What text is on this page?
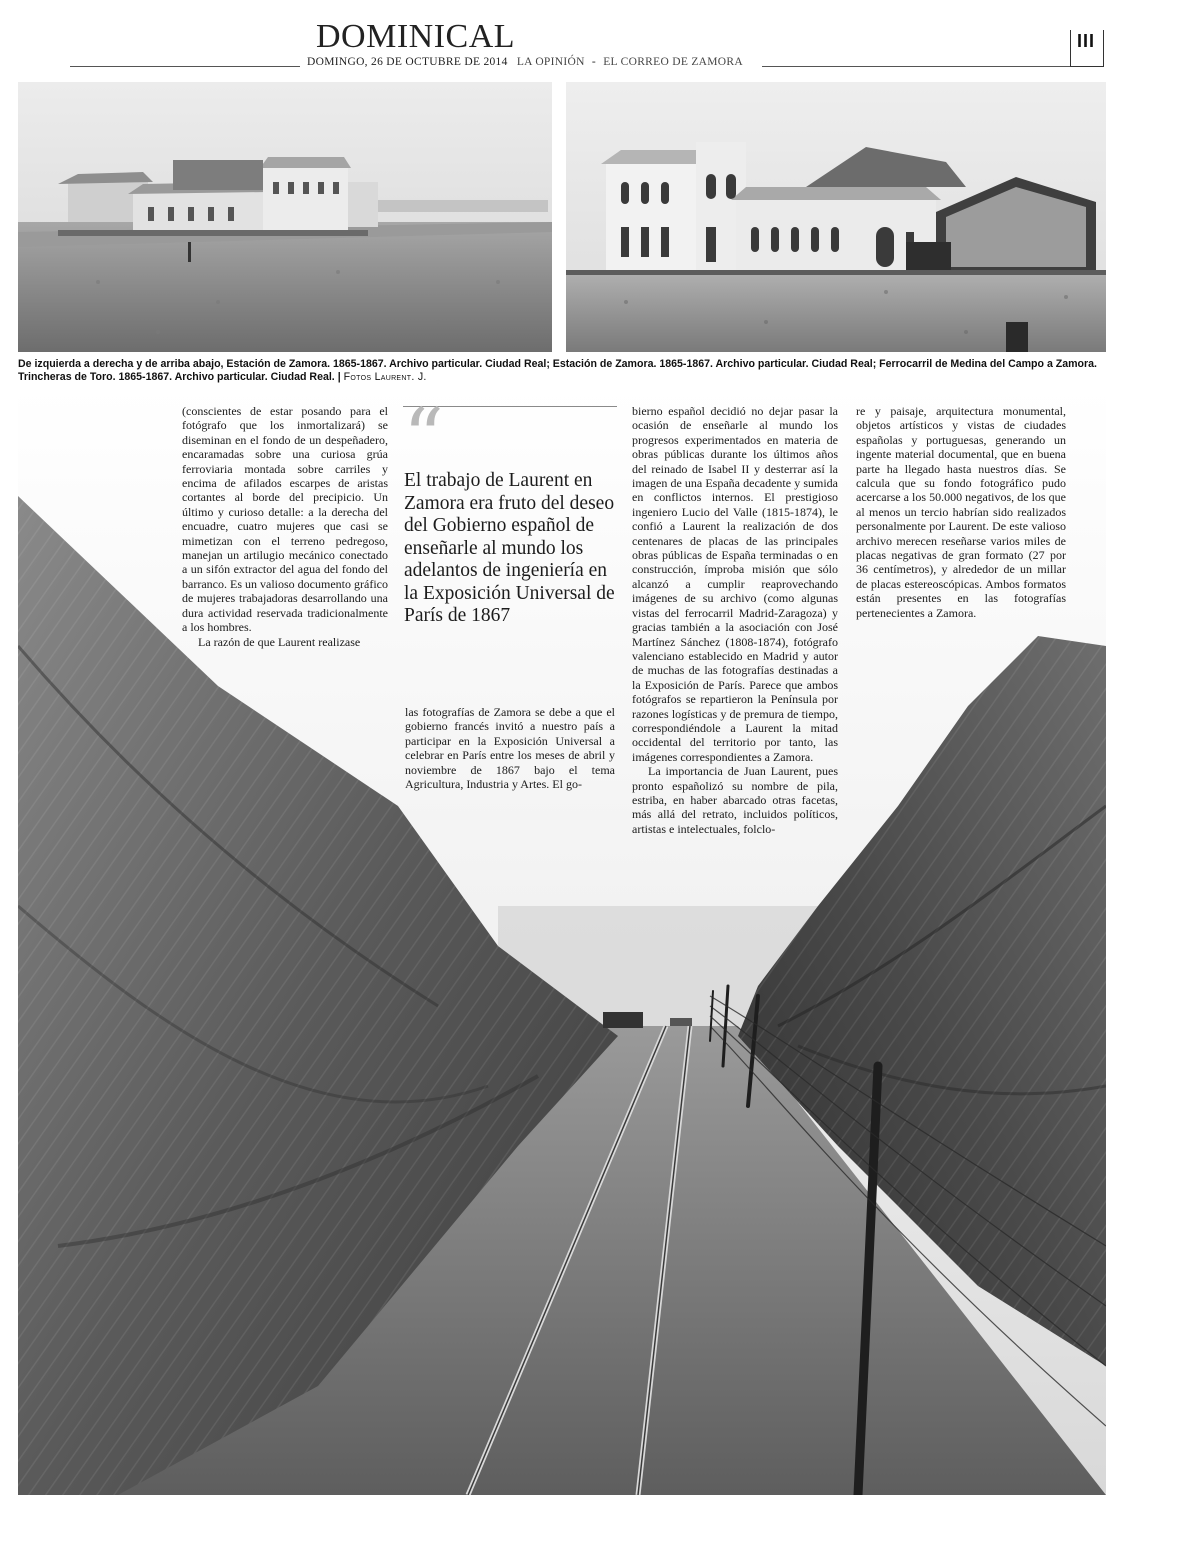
DOMINICAL
DOMINGO, 26 DE OCTUBRE DE 2014 LA OPINIÓN - EL CORREO DE ZAMORA
III
De izquierda a derecha y de arriba abajo, Estación de Zamora. 1865-1867. Archivo particular. Ciudad Real; Estación de Zamora. 1865-1867. Archivo particular. Ciudad Real; Ferrocarril de Medina del Campo a Zamora. Trincheras de Toro. 1865-1867. Archivo particular. Ciudad Real. | Fotos Laurent. J.

(conscientes de estar posando para el fotógrafo que los inmortalizará) se diseminan en el fondo de un despeñadero, encaramadas sobre una curiosa grúa ferroviaria montada sobre carriles y encima de afilados escarpes de aristas cortantes al borde del precipicio. Un último y curioso detalle: a la derecha del encuadre, cuatro mujeres que casi se mimetizan con el terreno pedregoso, manejan un artilugio mecánico conectado a un sifón extractor del agua del fondo del barranco. Es un valioso documento gráfico de mujeres trabajadoras desarrollando una dura actividad reservada tradicionalmente a los hombres.

La razón de que Laurent realizase

“
El trabajo de Laurent en Zamora era fruto del deseo del Gobierno español de enseñarle al mundo los adelantos de ingeniería en la Exposición Universal de París de 1867

las fotografías de Zamora se debe a que el gobierno francés invitó a nuestro país a participar en la Exposición Universal a celebrar en París entre los meses de abril y noviembre de 1867 bajo el tema Agricultura, Industria y Artes. El go-

bierno español decidió no dejar pasar la ocasión de enseñarle al mundo los progresos experimentados en materia de obras públicas durante los últimos años del reinado de Isabel II y desterrar así la imagen de una España decadente y sumida en conflictos internos. El prestigioso ingeniero Lucio del Valle (1815-1874), le confió a Laurent la realización de dos centenares de placas de las principales obras públicas de España terminadas o en construcción, ímproba misión que sólo alcanzó a cumplir reaprovechando imágenes de su archivo (como algunas vistas del ferrocarril Madrid-Zaragoza) y gracias también a la asociación con José Martínez Sánchez (1808-1874), fotógrafo valenciano establecido en Madrid y autor de muchas de las fotografías destinadas a la Exposición de París. Parece que ambos fotógrafos se repartieron la Península por razones logísticas y de premura de tiempo, correspondiéndole a Laurent la mitad occidental del territorio por tanto, las imágenes correspondientes a Zamora.

La importancia de Juan Laurent, pues pronto españolizó su nombre de pila, estriba, en haber abarcado otras facetas, más allá del retrato, incluidos políticos, artistas e intelectuales, folclo-

re y paisaje, arquitectura monumental, objetos artísticos y vistas de ciudades españolas y portuguesas, generando un ingente material documental, que en buena parte ha llegado hasta nuestros días. Se calcula que su fondo fotográfico pudo acercarse a los 50.000 negativos, de los que al menos un tercio habrían sido realizados personalmente por Laurent. De este valioso archivo merecen reseñarse varios miles de placas negativas de gran formato (27 por 36 centímetros), y alrededor de un millar de placas estereoscópicas. Ambos formatos están presentes en las fotografías pertenecientes a Zamora.
